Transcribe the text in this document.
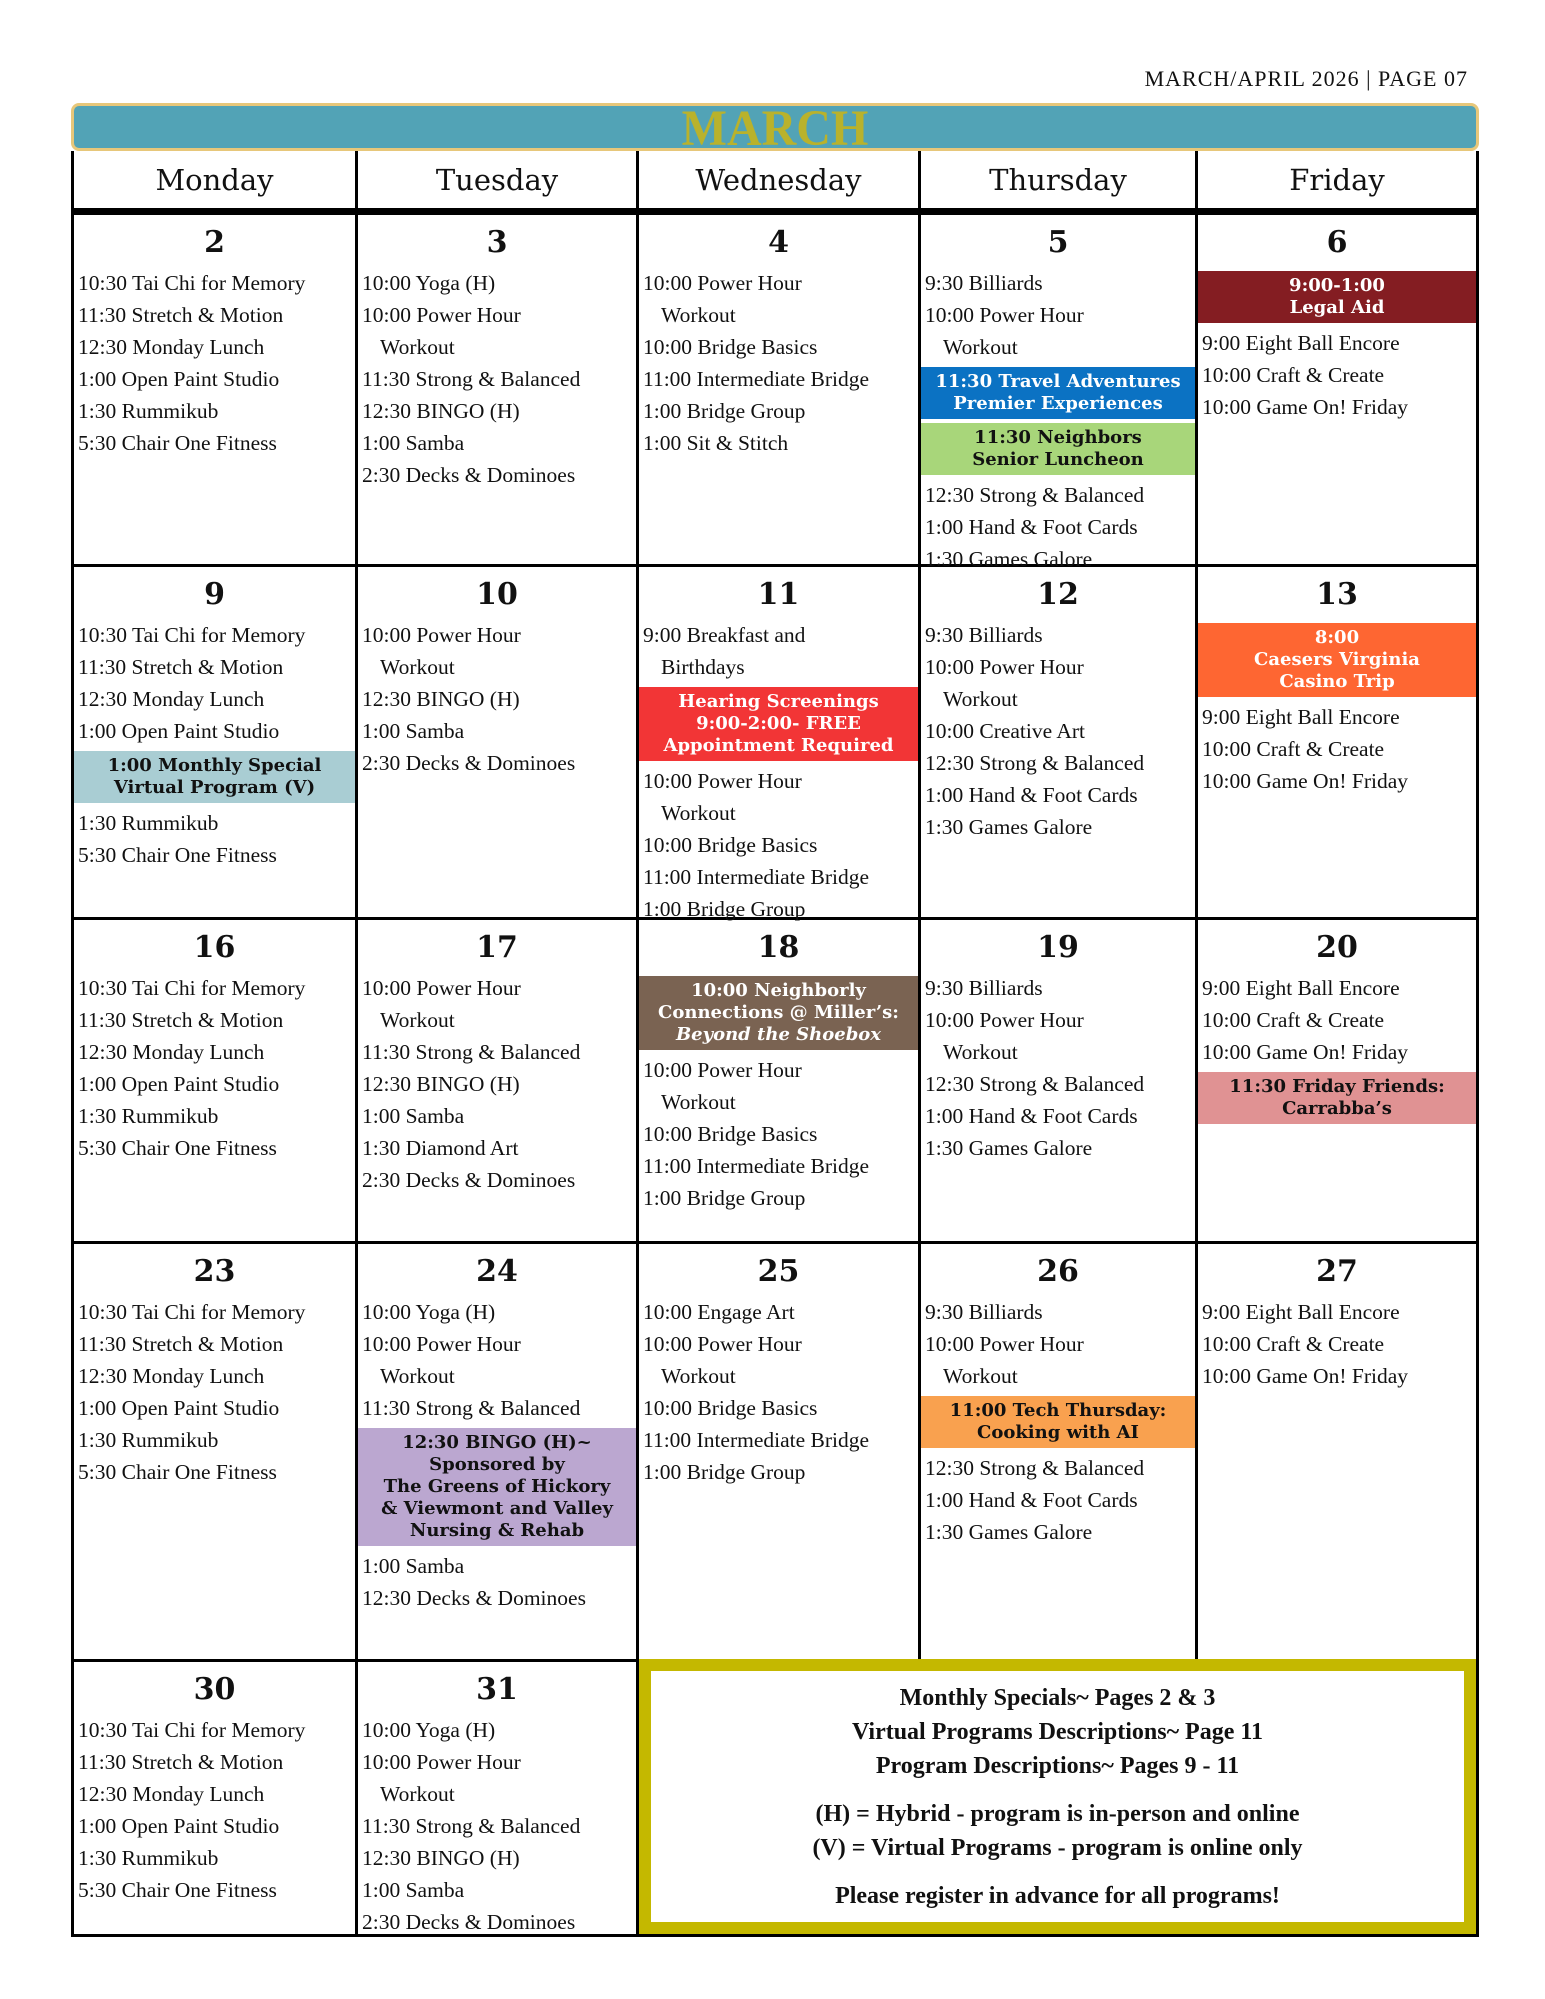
MARCH/APRIL 2026 | PAGE 07
MARCH
Monday	Tuesday	Wednesday	Thursday	Friday
2
10:30 Tai Chi for Memory
11:30 Stretch & Motion
12:30 Monday Lunch
1:00 Open Paint Studio
1:30 Rummikub
5:30 Chair One Fitness
3
10:00 Yoga (H)
10:00 Power Hour
Workout
11:30 Strong & Balanced
12:30 BINGO (H)
1:00 Samba
2:30 Decks & Dominoes
4
10:00 Power Hour
Workout
10:00 Bridge Basics
11:00 Intermediate Bridge
1:00 Bridge Group
1:00 Sit & Stitch
5
9:30 Billiards
10:00 Power Hour
Workout
11:30 Travel Adventures
Premier Experiences
11:30 Neighbors
Senior Luncheon
12:30 Strong & Balanced
1:00 Hand & Foot Cards
1:30 Games Galore
6
9:00-1:00
Legal Aid
9:00 Eight Ball Encore
10:00 Craft & Create
10:00 Game On! Friday
9
10:30 Tai Chi for Memory
11:30 Stretch & Motion
12:30 Monday Lunch
1:00 Open Paint Studio
1:00 Monthly Special
Virtual Program (V)
1:30 Rummikub
5:30 Chair One Fitness
10
10:00 Power Hour
Workout
12:30 BINGO (H)
1:00 Samba
2:30 Decks & Dominoes
11
9:00 Breakfast and
Birthdays
Hearing Screenings
9:00-2:00- FREE
Appointment Required
10:00 Power Hour
Workout
10:00 Bridge Basics
11:00 Intermediate Bridge
1:00 Bridge Group
12
9:30 Billiards
10:00 Power Hour
Workout
10:00 Creative Art
12:30 Strong & Balanced
1:00 Hand & Foot Cards
1:30 Games Galore
13
8:00
Caesers Virginia
Casino Trip
9:00 Eight Ball Encore
10:00 Craft & Create
10:00 Game On! Friday
16
10:30 Tai Chi for Memory
11:30 Stretch & Motion
12:30 Monday Lunch
1:00 Open Paint Studio
1:30 Rummikub
5:30 Chair One Fitness
17
10:00 Power Hour
Workout
11:30 Strong & Balanced
12:30 BINGO (H)
1:00 Samba
1:30 Diamond Art
2:30 Decks & Dominoes
18
10:00 Neighborly
Connections @ Miller’s:
Beyond the Shoebox
10:00 Power Hour
Workout
10:00 Bridge Basics
11:00 Intermediate Bridge
1:00 Bridge Group
19
9:30 Billiards
10:00 Power Hour
Workout
12:30 Strong & Balanced
1:00 Hand & Foot Cards
1:30 Games Galore
20
9:00 Eight Ball Encore
10:00 Craft & Create
10:00 Game On! Friday
11:30 Friday Friends:
Carrabba’s
23
10:30 Tai Chi for Memory
11:30 Stretch & Motion
12:30 Monday Lunch
1:00 Open Paint Studio
1:30 Rummikub
5:30 Chair One Fitness
24
10:00 Yoga (H)
10:00 Power Hour
Workout
11:30 Strong & Balanced
12:30 BINGO (H)~
Sponsored by
The Greens of Hickory
& Viewmont and Valley
Nursing & Rehab
1:00 Samba
12:30 Decks & Dominoes
25
10:00 Engage Art
10:00 Power Hour
Workout
10:00 Bridge Basics
11:00 Intermediate Bridge
1:00 Bridge Group
26
9:30 Billiards
10:00 Power Hour
Workout
11:00 Tech Thursday:
Cooking with AI
12:30 Strong & Balanced
1:00 Hand & Foot Cards
1:30 Games Galore
27
9:00 Eight Ball Encore
10:00 Craft & Create
10:00 Game On! Friday
30
10:30 Tai Chi for Memory
11:30 Stretch & Motion
12:30 Monday Lunch
1:00 Open Paint Studio
1:30 Rummikub
5:30 Chair One Fitness
31
10:00 Yoga (H)
10:00 Power Hour
Workout
11:30 Strong & Balanced
12:30 BINGO (H)
1:00 Samba
2:30 Decks & Dominoes
Monthly Specials~ Pages 2 & 3
Virtual Programs Descriptions~ Page 11
Program Descriptions~ Pages 9 - 11
(H) = Hybrid - program is in-person and online
(V) = Virtual Programs - program is online only
Please register in advance for all programs!
